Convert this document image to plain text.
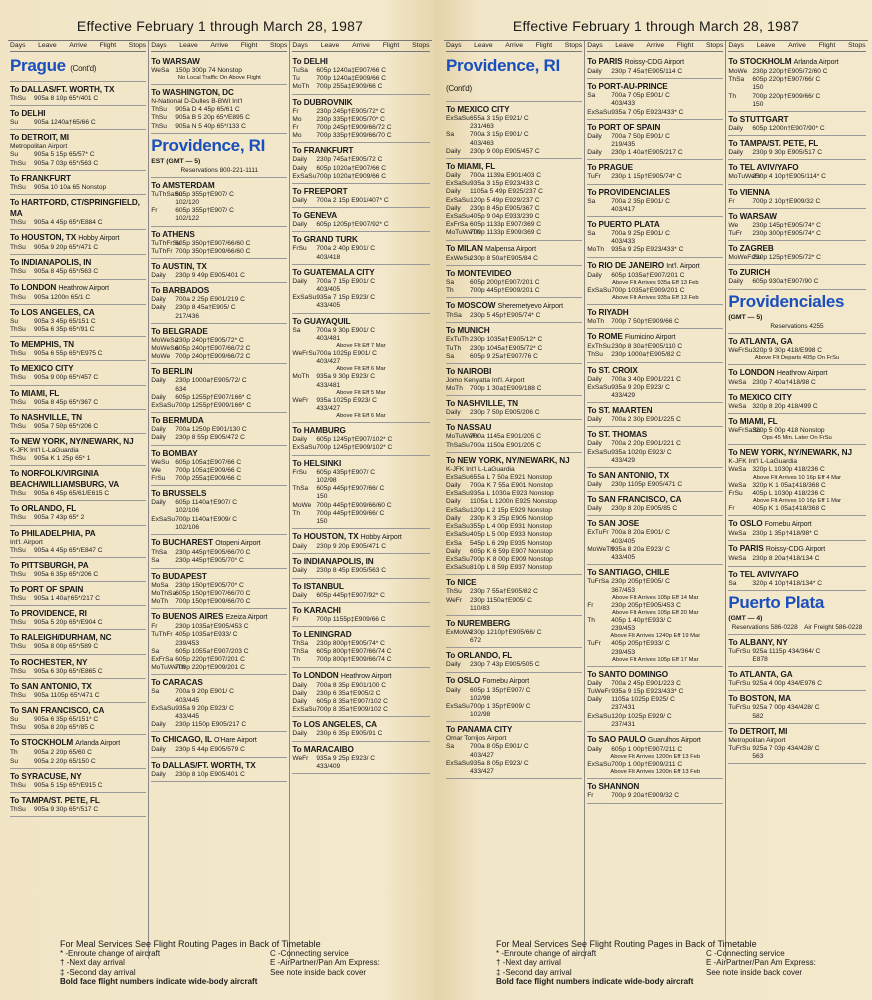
Effective February 1 through March 28, 1987
Days Leave Arrive Flight Stops
Prague (Cont'd)
To DALLAS/FT. WORTH, TX
ThSu	905a 8 10p 65*/401 C
To DELHI
Su	905a 1240a†65/66 C
To DETROIT, MI
Metropolitan Airport
Su	905a 5 15p 65/57* C
ThSu	905a 7 03p 65*/563 C
To FRANKFURT
ThSu	905a 10 10a 65 Nonstop
To HARTFORD, CT/SPRINGFIELD, MA
ThSu	905a 4 45p 65*/E884 C
To HOUSTON, TX Hobby Airport
ThSu	905a 9 20p 65*/471 C
To INDIANAPOLIS, IN
ThSu	905a 8 45p 65*/563 C
To LONDON Heathrow Airport
ThSu	905a 1200n 65/1 C
To LOS ANGELES, CA
Su	905a 3 45p 65/151 C
ThSu	905a 6 35p 65*/91 C
To MEMPHIS, TN
ThSu	905a 6 55p 65*/E975 C
To MEXICO CITY
ThSu	905a 9 00p 65*/457 C
To MIAMI, FL
ThSu	905a 8 45p 65*/367 C
To NASHVILLE, TN
ThSu	905a 7 50p 65*/206 C
To NEW YORK, NY/NEWARK, NJ
K-JFK Int'l L-LaGuardia
ThSu	905a K 1 25p 65* 1
To NORFOLK/VIRGINIA BEACH/WILLIAMSBURG, VA
ThSu	905a 6 45p 65/61/E615 C
To ORLANDO, FL
ThSu	905a 7 43p 65* 2
To PHILADELPHIA, PA
Int'l. Airport
ThSu	905a 4 45p 65*/E847 C
To PITTSBURGH, PA
ThSu	905a 6 35p 65*/206 C
To PORT OF SPAIN
ThSu	905a 1 40a†65*/217 C
To PROVIDENCE, RI
ThSu	905a 5 20p 65*/E904 C
To RALEIGH/DURHAM, NC
ThSu	905a 8 00p 65*/589 C
To ROCHESTER, NY
ThSu	905a 6 30p 65*/E865 C
To SAN ANTONIO, TX
ThSu	905a 1105p 65*/471 C
To SAN FRANCISCO, CA
Su	905a 6 35p 65/151* C
ThSu	905a 8 20p 65*/85 C
To STOCKHOLM Arlanda Airport
Th	905a 2 20p 65/60 C
Su	905a 2 20p 65/150 C
To SYRACUSE, NY
ThSu	905a 5 15p 65*/E915 C
To TAMPA/ST. PETE, FL
ThSu	905a 9 30p 65*/517 C
Days Leave Arrive Flight Stops
To WARSAW
WeSa 150p 300p 74 Nonstop
No Local Traffic On Above Flight
To WASHINGTON, DC
N-National D-Dulles B-BWI Int'l
ThSu	905a D 4 45p 65/61 C
ThSu	905a B 5 20p 65*/E895 C
ThSu	905a N 5 40p 65*/133 C
Providence, RI
EST (GMT — 5)
Reservations 800-221-1111
To AMSTERDAM
TuThSaSu
605p 355p†E907/ C
102/120
Fr	605p 355p†E907/ C
102/122
To ATHENS
TuThFrSu
605p 350p†E907/66/60 C
TuThFr 700p 350p†E909/66/60 C
To AUSTIN, TX
Daily	230p 9 49p E905/401 C
To BARBADOS
Daily	700a 2 25p E901/219 C
Daily	230p 8 45a†E905/ C
217/436
To BELGRADE
MoWeSu
230p 240p†E905/72* C
MoWeSu
605p 240p†E907/66/72 C
MoWe 700p 240p†E909/66/72 C
To BERLIN
Daily	230p 1000a†E905/72/ C
634
Daily	605p 1255p†E907/166* C
ExSaSu 700p 1255p†E909/166* C
To BERMUDA
Daily	700a 1250p E901/130 C
Daily	230p 8 55p E905/472 C
To BOMBAY
WeSu 605p 105a‡E907/66 C
We	700p 105a‡E909/66 C
FrSu	700p 255a‡E909/66 C
To BRUSSELS
Daily	605p 1140a†E907/ C
102/106
ExSaSu 700p 1140a†E909/ C
102/106
To BUCHAREST Otopeni Airport
ThSa	230p 445p†E905/66/70 C
Sa	230p 445p†E905/70* C
To BUDAPEST
MoSa	230p 150p†E905/70* C
MoThSa 605p 150p†E907/66/70 C
MoTh	700p 150p†E909/66/70 C
To BUENOS AIRES Ezeiza Airport
Fr	230p 1035a†E905/453 C
TuThFr 405p 1035a†E933/ C
239/453
Sa	605p 1055a†E907/203 C
ExFrSa 605p 220p†E907/201 C
MoTuWeTh
700p 220p†E909/201 C
To CARACAS
Sa	700a 9 20p E901/ C
403/445
ExSaSu 935a 9 20p E923/ C
433/445
Daily	230p 1150p E905/217 C
To CHICAGO, IL O'Hare Airport
Daily	230p 5 44p E905/579 C
To DALLAS/FT. WORTH, TX
Daily	230p 8 10p E905/401 C
Days Leave Arrive Flight Stops
To DELHI
TuSa	605p 1240a‡E907/66 C
Tu	700p 1240a‡E909/66 C
MoTh	700p 255a‡E909/66 C
To DUBROVNIK
Fr	230p 245p†E905/72* C
Mo	230p 335p†E905/70* C
Fr	700p 245p†E909/66/72 C
Mo	700p 335p†E909/66/70 C
To FRANKFURT
Daily	230p 745a†E905/72 C
Daily	605p 1020a†E907/66 C
ExSaSu 700p 1020a†E909/66 C
To FREEPORT
Daily	700a 2 15p E901/407* C
To GENEVA
Daily	605p 1205p†E907/92* C
To GRAND TURK
FrSu	700a 2 40p E901/ C
403/418
To GUATEMALA CITY
Daily	700a 7 15p E901/ C
403/405
ExSaSu 935a 7 15p E923/ C
433/405
To GUAYAQUIL
Sa	700a 9 30p E901/ C
403/481
Above Flt Eff 7 Mar
WeFrSu 700a 1025p E901/ C
403/427
Above Flt Eff 6 Mar
MoTh	935a 9 30p E923/ C
433/481
Above Flt Eff 5 Mar
WeFr	935a 1025p E923/ C
433/427
Above Flt Eff 6 Mar
To HAMBURG
Daily	605p 1245p†E907/102* C
ExSaSu 700p 1245p†E909/102* C
To HELSINKI
FrSu	605p 435p†E907/ C
102/98
ThSa	605p 445p†E907/66/ C
150
MoWe 700p 445p†E909/66/60 C
Th	700p 445p†E909/66/ C
150
To HOUSTON, TX Hobby Airport
Daily	230p 9 20p E905/471 C
To INDIANAPOLIS, IN
Daily	230p 8 45p E905/563 C
To ISTANBUL
Daily	605p 445p†E907/92* C
To KARACHI
Fr	700p 1155p‡E909/66 C
To LENINGRAD
ThSa	230p 800p†E905/74* C
ThSa	605p 800p†E907/66/74 C
Th	700p 800p†E909/66/74 C
To LONDON Heathrow Airport
Daily	700a 8 35p E901/100 C
Daily	230p 6 35a†E905/2 C
Daily	605p 8 35a†E907/102 C
ExSaSu 700p 8 35a†E909/102 C
To LOS ANGELES, CA
Daily	230p 6 35p E905/91 C
To MARACAIBO
WeFr	935a 9 25p E923/ C
433/409
For Meal Services See Flight Routing Pages in Back of Timetable
* -Enroute change of aircraft	C -Connecting service
† -Next day arrival	E -AirPartner/Pan Am Express:
‡ -Second day arrival	See note inside back cover
Bold face flight numbers indicate wide-body aircraft
Effective February 1 through March 28, 1987
Days Leave Arrive Flight Stops
Providence, RI (Cont'd)
To MEXICO CITY
ExSaSu 655a 3 15p E921/ C
231/463
Sa	700a 3 15p E901/ C
403/463
Daily	230p 9 00p E905/457 C
To MIAMI, FL
Daily	700a 1139a E901/403 C
ExSaSu 935a 3 15p E923/433 C
Daily	1105a 5 49p E925/237 C
ExSaSu 120p 5 49p E929/237 C
Daily	230p 8 45p E905/367 C
ExSaSu 405p 9 04p E933/239 C
ExFrSa 605p 1133p E907/369 C
MoTuWeTh
700p 1133p E909/369 C
To MILAN Malpensa Airport
ExWeSu
230p 8 50a†E905/84 C
To MONTEVIDEO
Sa	605p 200p†E907/201 C
Th	700p 445p†E909/201 C
To MOSCOW Sheremetyevo Airport
ThSa	230p 5 45p†E905/74* C
To MUNICH
ExTuTh 230p 1035a†E905/12* C
TuTh	230p 1045a†E905/72* C
Sa	605p 9 25a†E907/76 C
To NAIROBI
Jomo Kenyatta Int'l. Airport
MoTh	700p 1 30a‡E909/188 C
To NASHVILLE, TN
Daily	230p 7 50p E905/206 C
To NASSAU
MoTuWeFr
700a 1145a E901/205 C
ThSaSu 700a 1150a E901/205 C
To NEW YORK, NY/NEWARK, NJ
K-JFK Int'l L-LaGuardia
ExSaSu 655a L 7 50a E921 Nonstop
Daily	700a K 7 55a E901 Nonstop
ExSaSu 935a L 1030a E923 Nonstop
Daily	1105a L 1200n E925 Nonstop
ExSaSu 120p L 2 15p E929 Nonstop
Daily	230p K 3 25p E905 Nonstop
ExSaSu 355p L 4 00p E931 Nonstop
ExSaSu 405p L 5 00p E933 Nonstop
ExSa	545p L 6 29p E935 Nonstop
Daily	605p K 6 59p E907 Nonstop
ExSaSu 700p K 8 00p E909 Nonstop
ExSaSu 810p L 8 59p E937 Nonstop
To NICE
ThSu	230p 7 55a†E905/82 C
WeFr	230p 1150a†E905/ C
110/83
To NUREMBERG
ExMoWe
230p 1210p†E905/66/ C
672
To ORLANDO, FL
Daily	230p 7 43p E905/505 C
To OSLO Fornebu Airport
Daily	605p 1 35p†E907/ C
102/98
ExSaSu 700p 1 35p†E909/ C
102/98
To PANAMA CITY
Omar Torrijos Airport
Sa	700a 8 05p E901/ C
403/427
ExSaSu 935a 8 05p E923/ C
433/427
Days Leave Arrive Flight Stops
To PARIS Roissy-CDG Airport
Daily	230p 7 45a†E905/114 C
To PORT-AU-PRINCE
Sa	700a 7 05p E901/ C
403/433
ExSaSu 935a 7 05p E923/433* C
To PORT OF SPAIN
Daily	700a 7 50p E901/ C
219/435
Daily	230p 1 40a†E905/217 C
To PRAGUE
TuFr	230p 1 15p†E905/74* C
To PROVIDENCIALES
Sa	700a 2 35p E901/ C
403/417
To PUERTO PLATA
Sa	700a 9 25p E901/ C
403/433
MoTh	935a 9 25p E923/433* C
To RIO DE JANEIRO Int'l. Airport
Daily	605p 1035a†E907/201 C
Above Flt Arrives 935a Eff 13 Feb
ExSaSu 700p 1035a†E909/201 C
Above Flt Arrives 935a Eff 13 Feb
To RIYADH
MoTh	700p 7 50p†E909/66 C
To ROME Fiumicino Airport
ExThSu 230p 8 30a†E905/110 C
ThSu	230p 1000a†E905/82 C
To ST. CROIX
Daily	700a 3 40p E901/221 C
ExSaSu 935a 9 20p E923/ C
433/429
To ST. MAARTEN
Daily	700a 2 30p E901/225 C
To ST. THOMAS
Daily	700a 2 20p E901/221 C
ExSaSu 935a 1020p E923/ C
433/429
To SAN ANTONIO, TX
Daily	230p 1105p E905/471 C
To SAN FRANCISCO, CA
Daily	230p 8 20p E905/85 C
To SAN JOSE
ExTuFr 700a 8 20a E901/ C
403/405
MoWeTh
935a 8 20a E923/ C
433/405
To SANTIAGO, CHILE
TuFrSa 230p 205p†E905/ C
367/453
Above Flt Arrives 105p Eff 14 Mar
Fr	230p 205p†E905/453 C
Above Flt Arrives 105p Eff 20 Mar
Th	405p 1 40p†E933/ C
239/453
Above Flt Arrives 1240p Eff 19 Mar
TuFr	405p 205p†E933/ C
239/453
Above Flt Arrives 105p Eff 17 Mar
To SANTO DOMINGO
Daily	700a 2 45p E901/223 C
TuWeFr 935a 9 15p E923/433* C
Daily	1105a 1025p E925/ C
237/431
ExSaSu 120p 1025p E929/ C
237/431
To SAO PAULO Guarulhos Airport
Daily	605p 1 00p†E907/211 C
Above Flt Arrives 1200n Eff 13 Feb
ExSaSu 700p 1 00p†E909/211 C
Above Flt Arrives 1200n Eff 13 Feb
To SHANNON
Fr	700p 9 20a†E909/32 C
Days Leave Arrive Flight Stops
To STOCKHOLM Arlanda Airport
MoWe 230p 220p†E905/72/60 C
ThSa	605p 220p†E907/66/ C
150
Th	700p 220p†E909/66/ C
150
To STUTTGART
Daily	605p 1200n†E907/90* C
To TAMPA/ST. PETE, FL
Daily	230p 9 30p E905/517 C
To TEL AVIV/YAFO
MoTuWeFr
230p 4 10p†E905/114* C
To VIENNA
Fr	700p 2 10p†E909/32 C
To WARSAW
We	230p 145p†E905/74* C
TuFr	230p 300p†E905/74* C
To ZAGREB
MoWeFrSu
230p 125p†E905/72* C
To ZURICH
Daily	605p 930a†E907/90 C
Providenciales
(GMT — 5)
Reservations 4255
To ATLANTA, GA
WeFrSu 320p 9 30p 418/E998 C
Above Flt Departs 405p On FrSu
To LONDON Heathrow Airport
WeSa 230p 7 40a†418/98 C
To MEXICO CITY
WeSa 320p 8 20p 418/499 C
To MIAMI, FL
WeFrSaSu
320p 5 00p 418 Nonstop
Ops 45 Min. Later On FrSu
To NEW YORK, NY/NEWARK, NJ
K-JFK Int'l L-LaGuardia
WeSa 320p L 1030p 418/236 C
Above Flt Arrives 10 16p Eff 4 Mar
WeSa 320p K 1 05a‡418/368 C
FrSu	405p L 1030p 418/236 C
Above Flt Arrives 10 16p Eff 1 Mar
Fr	405p K 1 05a‡418/368 C
To OSLO Fornebu Airport
WeSa 230p 1 35p†418/98* C
To PARIS Roissy-CDG Airport
WeSa 230p 8 20a†418/134 C
To TEL AVIV/YAFO
Sa	320p 4 10p†418/134* C
Puerto Plata
(GMT — 4)
Reservations 586-0228 Air Freight 586-0228
To ALBANY, NY
TuFrSu 925a 1115p 434/364/ C
E878
To ATLANTA, GA
TuFrSu 925a 4 00p 434/E976 C
To BOSTON, MA
TuFrSu 925a 7 00p 434/428/ C
582
To DETROIT, MI
Metropolitan Airport
TuFrSu 925a 7 03p 434/428/ C
563
For Meal Services See Flight Routing Pages in Back of Timetable
* -Enroute change of aircraft	C -Connecting service
† -Next day arrival	E -AirPartner/Pan Am Express:
‡ -Second day arrival	See note inside back cover
Bold face flight numbers indicate wide-body aircraft
